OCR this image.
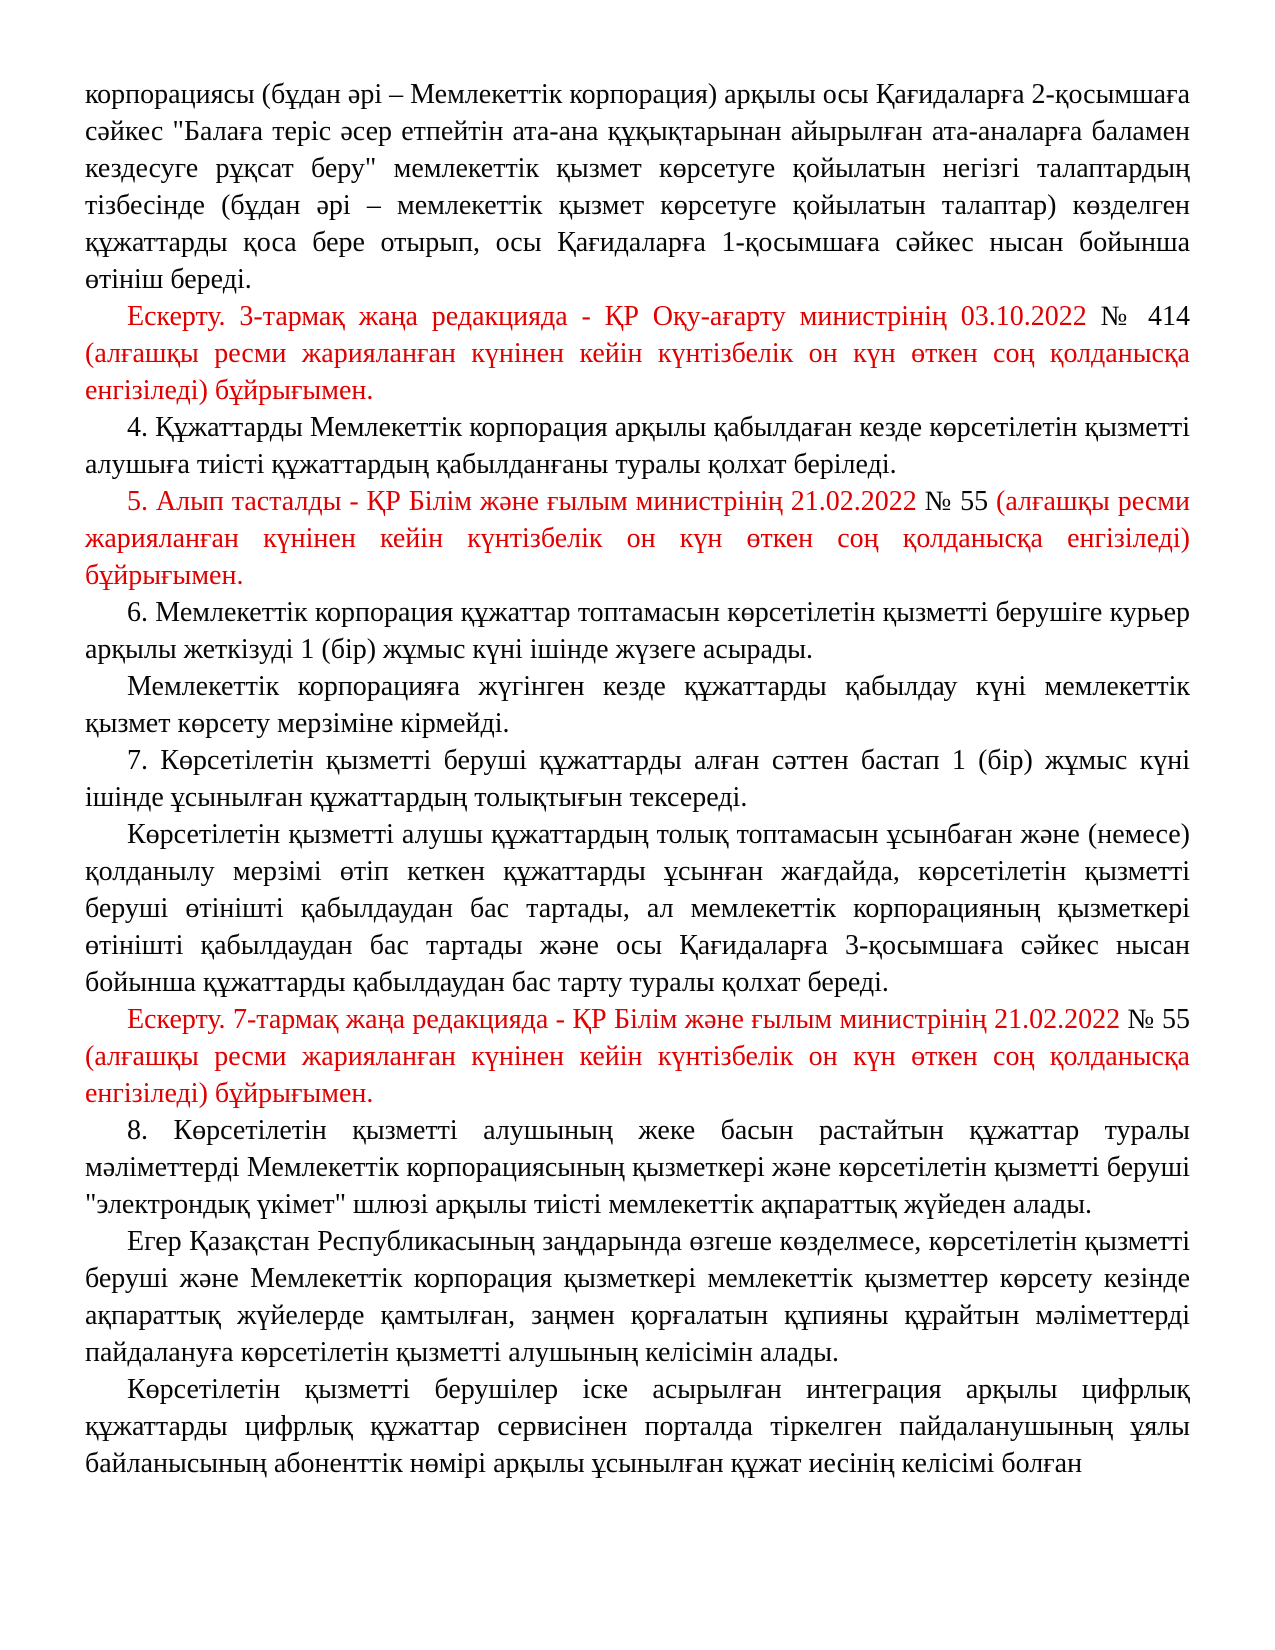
корпорациясы (бұдан әрі – Мемлекеттік корпорация) арқылы осы Қағидаларға 2-қосымшаға сәйкес "Балаға теріс әсер етпейтін ата-ана құқықтарынан айырылған ата-аналарға баламен кездесуге рұқсат беру" мемлекеттік қызмет көрсетуге қойылатын негізгі талаптардың тізбесінде (бұдан әрі – мемлекеттік қызмет көрсетуге қойылатын талаптар) көзделген құжаттарды қоса бере отырып, осы Қағидаларға 1-қосымшаға сәйкес нысан бойынша өтініш береді.

Ескерту. 3-тармақ жаңа редакцияда - ҚР Оқу-ағарту министрінің 03.10.2022 № 414 (алғашқы ресми жарияланған күнінен кейін күнтізбелік он күн өткен соң қолданысқа енгізіледі) бұйрығымен.

4. Құжаттарды Мемлекеттік корпорация арқылы қабылдаған кезде көрсетілетін қызметті алушыға тиісті құжаттардың қабылданғаны туралы қолхат беріледі.

5. Алып тасталды - ҚР Білім және ғылым министрінің 21.02.2022 № 55 (алғашқы ресми жарияланған күнінен кейін күнтізбелік он күн өткен соң қолданысқа енгізіледі) бұйрығымен.

6. Мемлекеттік корпорация құжаттар топтамасын көрсетілетін қызметті берушіге курьер арқылы жеткізуді 1 (бір) жұмыс күні ішінде жүзеге асырады.

Мемлекеттік корпорацияға жүгінген кезде құжаттарды қабылдау күні мемлекеттік қызмет көрсету мерзіміне кірмейді.

7. Көрсетілетін қызметті беруші құжаттарды алған сәттен бастап 1 (бір) жұмыс күні ішінде ұсынылған құжаттардың толықтығын тексереді.

Көрсетілетін қызметті алушы құжаттардың толық топтамасын ұсынбаған және (немесе) қолданылу мерзімі өтіп кеткен құжаттарды ұсынған жағдайда, көрсетілетін қызметті беруші өтінішті қабылдаудан бас тартады, ал мемлекеттік корпорацияның қызметкері өтінішті қабылдаудан бас тартады және осы Қағидаларға 3-қосымшаға сәйкес нысан бойынша құжаттарды қабылдаудан бас тарту туралы қолхат береді.

Ескерту. 7-тармақ жаңа редакцияда - ҚР Білім және ғылым министрінің 21.02.2022 № 55 (алғашқы ресми жарияланған күнінен кейін күнтізбелік он күн өткен соң қолданысқа енгізіледі) бұйрығымен.

8. Көрсетілетін қызметті алушының жеке басын растайтын құжаттар туралы мәліметтерді Мемлекеттік корпорациясының қызметкері және көрсетілетін қызметті беруші "электрондық үкімет" шлюзі арқылы тиісті мемлекеттік ақпараттық жүйеден алады.

Егер Қазақстан Республикасының заңдарында өзгеше көзделмесе, көрсетілетін қызметті беруші және Мемлекеттік корпорация қызметкері мемлекеттік қызметтер көрсету кезінде ақпараттық жүйелерде қамтылған, заңмен қорғалатын құпияны құрайтын мәліметтерді пайдалануға көрсетілетін қызметті алушының келісімін алады.

Көрсетілетін қызметті берушілер іске асырылған интеграция арқылы цифрлық құжаттарды цифрлық құжаттар сервисінен порталда тіркелген пайдаланушының ұялы байланысының абоненттік нөмірі арқылы ұсынылған құжат иесінің келісімі болған
